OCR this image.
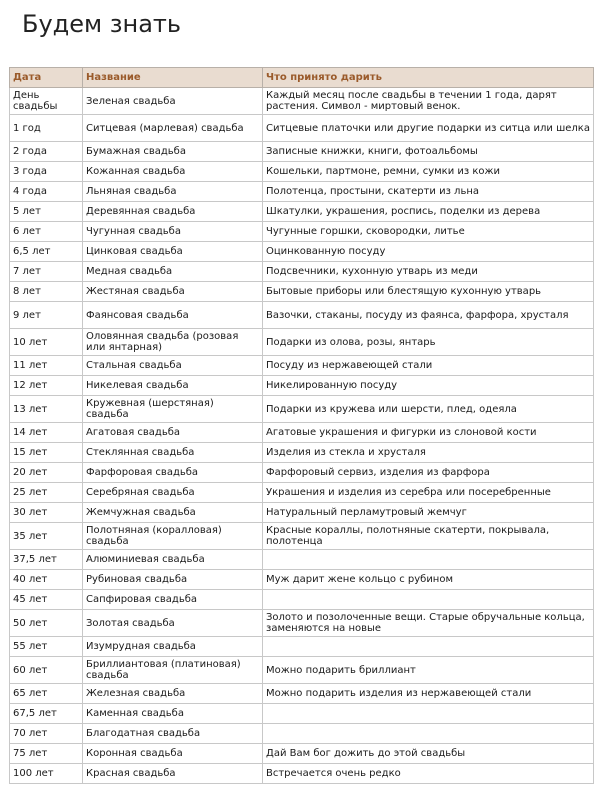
Будем знать
Дата	Название	Что принято дарить
День свадьбы	Зеленая свадьба	Каждый месяц после свадьбы в течении 1 года, дарят растения. Символ - миртовый венок.
1 год	Ситцевая (марлевая) свадьба	Ситцевые платочки или другие подарки из ситца или шелка
2 года	Бумажная свадьба	Записные книжки, книги, фотоальбомы
3 года	Кожанная свадьба	Кошельки, партмоне, ремни, сумки из кожи
4 года	Льняная свадьба	Полотенца, простыни, скатерти из льна
5 лет	Деревянная свадьба	Шкатулки, украшения, роспись, поделки из дерева
6 лет	Чугунная свадьба	Чугунные горшки, сковородки, литье
6,5 лет	Цинковая свадьба	Оцинкованную посуду
7 лет	Медная свадьба	Подсвечники, кухонную утварь из меди
8 лет	Жестяная свадьба	Бытовые приборы или блестящую кухонную утварь
9 лет	Фаянсовая свадьба	Вазочки, стаканы, посуду из фаянса, фарфора, хрусталя
10 лет	Оловянная свадьба (розовая или янтарная)	Подарки из олова, розы, янтарь
11 лет	Стальная свадьба	Посуду из нержавеющей стали
12 лет	Никелевая свадьба	Никелированную посуду
13 лет	Кружевная (шерстяная) свадьба	Подарки из кружева или шерсти, плед, одеяла
14 лет	Агатовая свадьба	Агатовые украшения и фигурки из слоновой кости
15 лет	Стеклянная свадьба	Изделия из стекла и хрусталя
20 лет	Фарфоровая свадьба	Фарфоровый сервиз, изделия из фарфора
25 лет	Серебряная свадьба	Украшения и изделия из серебра или посеребренные
30 лет	Жемчужная свадьба	Натуральный перламутровый жемчуг
35 лет	Полотняная (коралловая) свадьба	Красные кораллы, полотняные скатерти, покрывала, полотенца
37,5 лет	Алюминиевая свадьба	
40 лет	Рубиновая свадьба	Муж дарит жене кольцо с рубином
45 лет	Сапфировая свадьба	
50 лет	Золотая свадьба	Золото и позолоченные вещи. Старые обручальные кольца, заменяются на новые
55 лет	Изумрудная свадьба	
60 лет	Бриллиантовая (платиновая) свадьба	Можно подарить бриллиант
65 лет	Железная свадьба	Можно подарить изделия из нержавеющей стали
67,5 лет	Каменная свадьба	
70 лет	Благодатная свадьба	
75 лет	Коронная свадьба	Дай Вам бог дожить до этой свадьбы
100 лет	Красная свадьба	Встречается очень редко
